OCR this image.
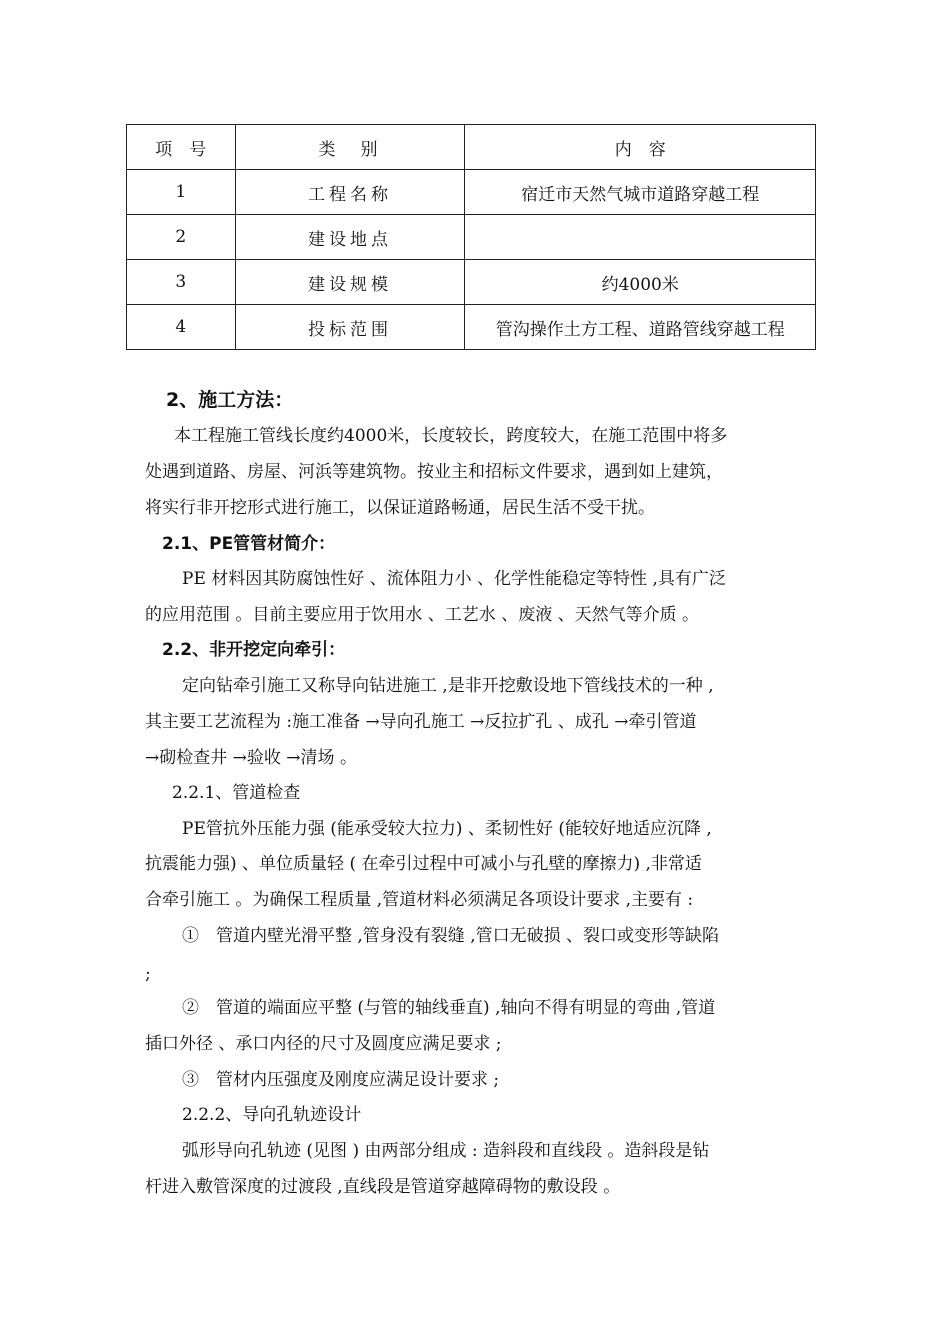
项　号	类　别	内　容
1	工程名称	宿迁市天然气城市道路穿越工程
2	建设地点	
3	建设规模	约4000米
4	投标范围	管沟操作土方工程、道路管线穿越工程
2、施工方法：
本工程施工管线长度约4000米，长度较长，跨度较大，在施工范围中将多
处遇到道路、房屋、河浜等建筑物。按业主和招标文件要求，遇到如上建筑，
将实行非开挖形式进行施工，以保证道路畅通，居民生活不受干扰。
2.1、PE管管材简介：
PE 材料因其防腐蚀性好 、流体阻力小 、化学性能稳定等特性 ,具有广泛
的应用范围 。目前主要应用于饮用水 、工艺水 、废液 、天然气等介质 。
2.2、非开挖定向牵引：
定向钻牵引施工又称导向钻进施工 ,是非开挖敷设地下管线技术的一种 ,
其主要工艺流程为 :施工准备 →导向孔施工 →反拉扩孔 、成孔 →牵引管道
→砌检查井 →验收 →清场 。
2.2.1、管道检查
PE管抗外压能力强 (能承受较大拉力) 、柔韧性好 (能较好地适应沉降 ,
抗震能力强) 、单位质量轻 ( 在牵引过程中可减小与孔壁的摩擦力) ,非常适
合牵引施工 。为确保工程质量 ,管道材料必须满足各项设计要求 ,主要有 :
①　管道内壁光滑平整 ,管身没有裂缝 ,管口无破损 、裂口或变形等缺陷
;
②　管道的端面应平整 (与管的轴线垂直) ,轴向不得有明显的弯曲 ,管道
插口外径 、承口内径的尺寸及圆度应满足要求 ;
③　管材内压强度及刚度应满足设计要求 ;
2.2.2、导向孔轨迹设计
弧形导向孔轨迹 (见图 ) 由两部分组成 : 造斜段和直线段 。造斜段是钻
杆进入敷管深度的过渡段 ,直线段是管道穿越障碍物的敷设段 。
